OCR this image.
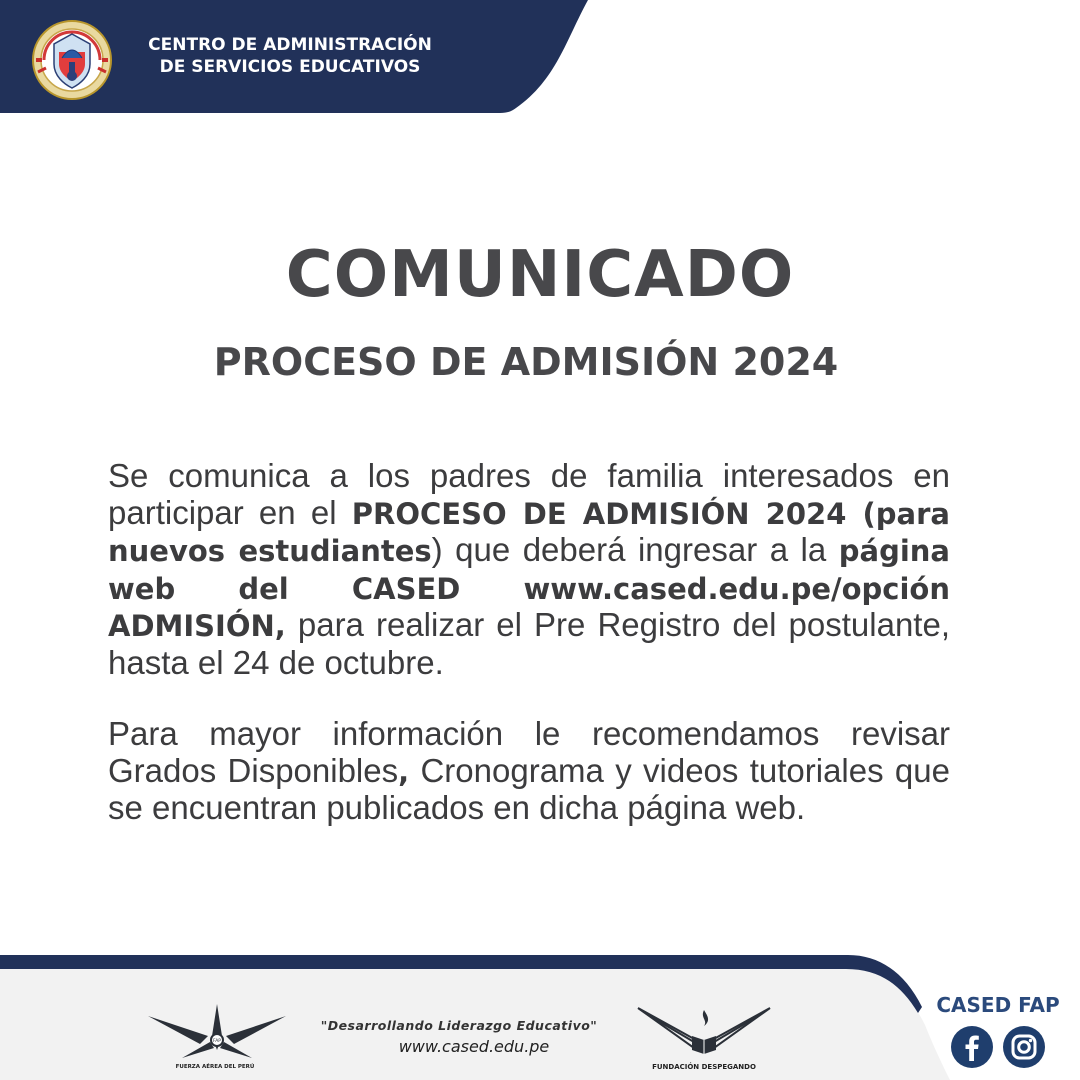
CENTRO DE ADMINISTRACIÓN
DE SERVICIOS EDUCATIVOS
COMUNICADO
PROCESO DE ADMISIÓN 2024
Se comunica a los padres de familia interesados en participar en el PROCESO DE ADMISIÓN 2024 (para nuevos estudiantes) que deberá ingresar a la página web del CASED www.cased.edu.pe/opción ADMISIÓN, para realizar el Pre Registro del postulante, hasta el 24 de octubre.
Para mayor información le recomendamos revisar Grados Disponibles, Cronograma y videos tutoriales que se encuentran publicados en dicha página web.
FAP
FUERZA AÉREA DEL PERÚ
"Desarrollando Liderazgo Educativo"
www.cased.edu.pe
FUNDACIÓN DESPEGANDO
CASED FAP
